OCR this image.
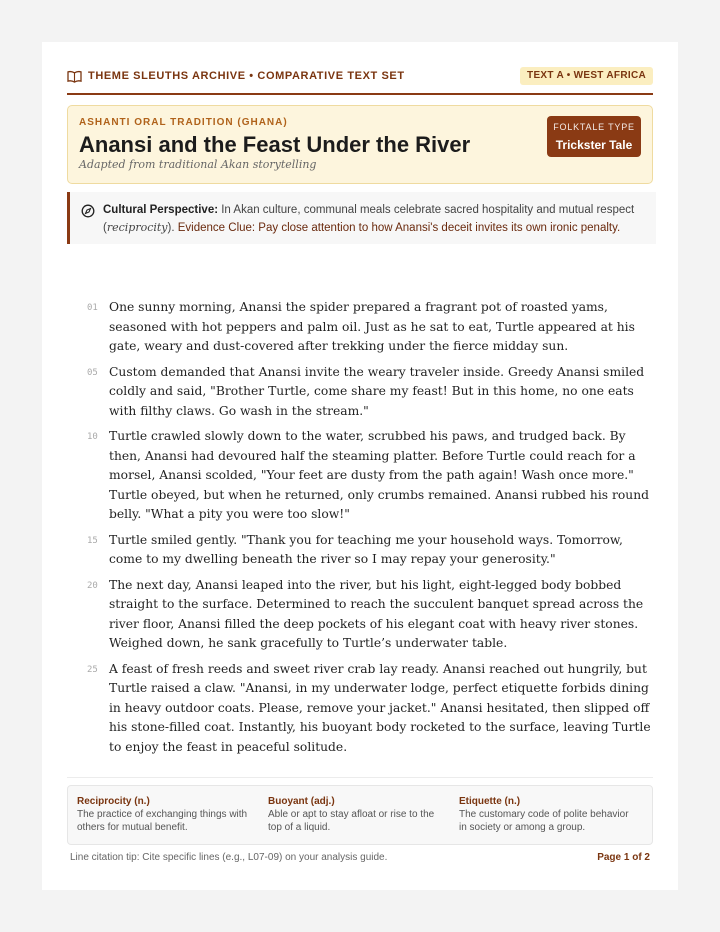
THEME SLEUTHS ARCHIVE • COMPARATIVE TEXT SET	TEXT A • WEST AFRICA
ASHANTI ORAL TRADITION (GHANA)
Anansi and the Feast Under the River
Adapted from traditional Akan storytelling
FOLKTALE TYPE
Trickster Tale
Cultural Perspective: In Akan culture, communal meals celebrate sacred hospitality and mutual respect (reciprocity). Evidence Clue: Pay close attention to how Anansi's deceit invites its own ironic penalty.
01 One sunny morning, Anansi the spider prepared a fragrant pot of roasted yams, seasoned with hot peppers and palm oil. Just as he sat to eat, Turtle appeared at his gate, weary and dust-covered after trekking under the fierce midday sun.
05 Custom demanded that Anansi invite the weary traveler inside. Greedy Anansi smiled coldly and said, "Brother Turtle, come share my feast! But in this home, no one eats with filthy claws. Go wash in the stream."
10 Turtle crawled slowly down to the water, scrubbed his paws, and trudged back. By then, Anansi had devoured half the steaming platter. Before Turtle could reach for a morsel, Anansi scolded, "Your feet are dusty from the path again! Wash once more." Turtle obeyed, but when he returned, only crumbs remained. Anansi rubbed his round belly. "What a pity you were too slow!"
15 Turtle smiled gently. "Thank you for teaching me your household ways. Tomorrow, come to my dwelling beneath the river so I may repay your generosity."
20 The next day, Anansi leaped into the river, but his light, eight-legged body bobbed straight to the surface. Determined to reach the succulent banquet spread across the river floor, Anansi filled the deep pockets of his elegant coat with heavy river stones. Weighed down, he sank gracefully to Turtle’s underwater table.
25 A feast of fresh reeds and sweet river crab lay ready. Anansi reached out hungrily, but Turtle raised a claw. "Anansi, in my underwater lodge, perfect etiquette forbids dining in heavy outdoor coats. Please, remove your jacket." Anansi hesitated, then slipped off his stone-filled coat. Instantly, his buoyant body rocketed to the surface, leaving Turtle to enjoy the feast in peaceful solitude.
Reciprocity (n.)
The practice of exchanging things with others for mutual benefit.
Buoyant (adj.)
Able or apt to stay afloat or rise to the top of a liquid.
Etiquette (n.)
The customary code of polite behavior in society or among a group.
Line citation tip: Cite specific lines (e.g., L07-09) on your analysis guide.	Page 1 of 2
